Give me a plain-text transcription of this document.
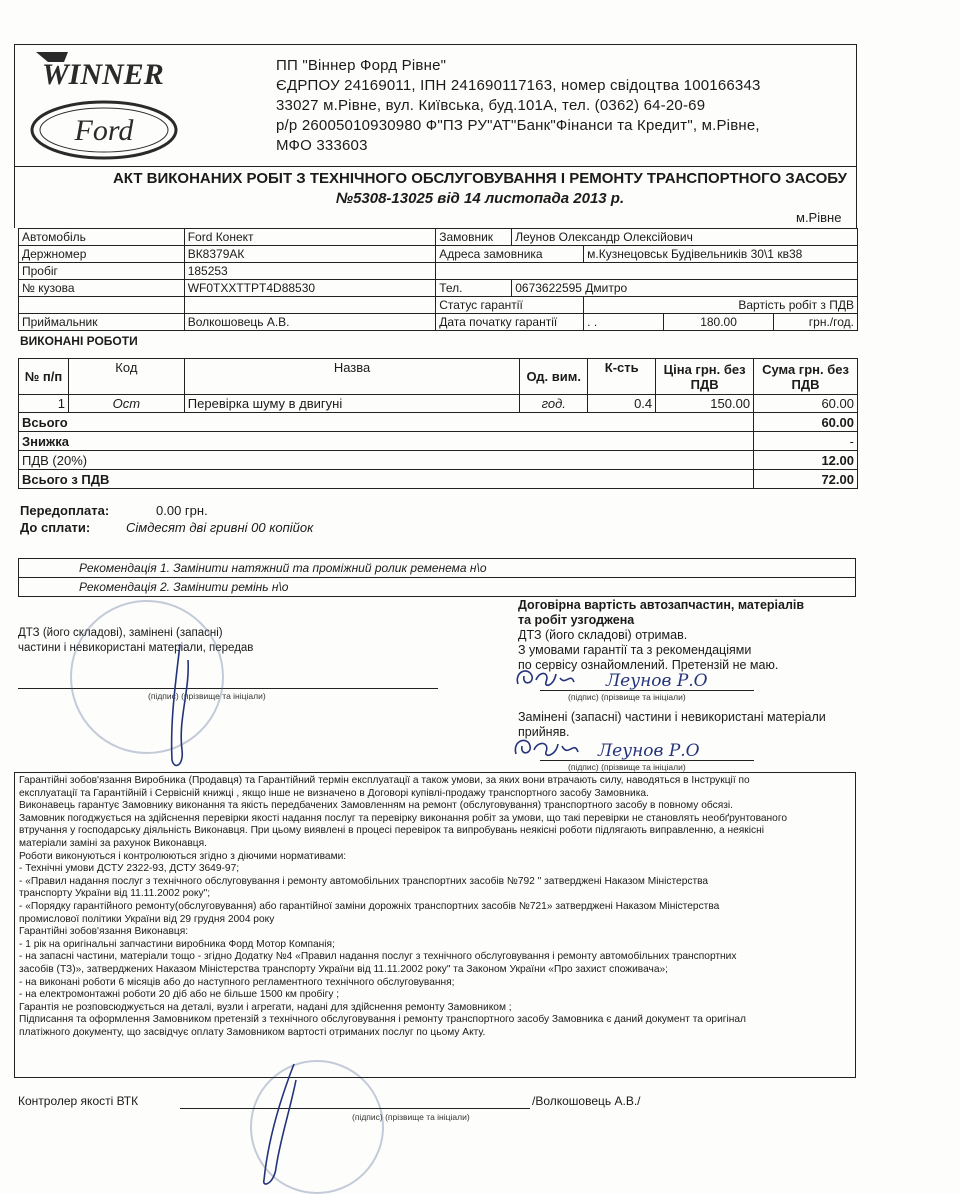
WINNER
Ford
ПП "Віннер Форд Рівне"
ЄДРПОУ 24169011, ІПН 241690117163, номер свідоцтва 100166343
33027 м.Рівне, вул. Київська, буд.101А, тел. (0362) 64-20-69
р/р 26005010930980 Ф"ПЗ РУ"АТ"Банк"Фінанси та Кредит", м.Рівне,
МФО 333603
АКТ ВИКОНАНИХ РОБІТ З ТЕХНІЧНОГО ОБСЛУГОВУВАННЯ І РЕМОНТУ ТРАНСПОРТНОГО ЗАСОБУ
№5308-13025 від 14 листопада 2013 р.
м.Рівне
Автомобіль	Ford Конект	Замовник	Леунов Олександр Олексійович			
Держномер	ВК8379АК	Адреса замовника		м.Кузнецовськ Будівельників 30\1 кв38		
Пробіг	185253					
№ кузова	WF0TXXTTPT4D88530	Тел.	0673622595 Дмитро			
		Статус гарантії		Вартість робіт з ПДВ		
Приймальник	Волкошовець А.В.	Дата початку гарантії		. .	180.00	грн./год.
ВИКОНАНІ РОБОТИ
№ п/п	Код	Назва	Од. вим.	К-сть	Ціна грн. без ПДВ	Сума грн. без ПДВ
1	Ост	Перевірка шуму в двигуні	год.	0.4	150.00	60.00
Всього						60.00
Знижка						-
ПДВ (20%)						12.00
Всього з ПДВ						72.00
Передоплата:	0.00 грн.
До сплати:	Сімдесят дві гривні 00 копійок
Рекомендація 1. Замінити натяжний та проміжний ролик ременема н\о
Рекомендація 2. Замінити ремінь н\о
Договірна вартість автозапчастин, матеріалів
та робіт узгоджена
ДТЗ (його складові) отримав.
З умовами гарантії та з рекомендаціями
по сервісу ознайомлений. Претензій не маю.
(підпис) (прізвище та ініціали)
Замінені (запасні) частини і невикористані матеріали
прийняв.
(підпис) (прізвище та ініціали)
Леунов Р.О
Леунов Р.О
ДТЗ (його складові), замінені (запасні)
частини і невикористані матеріали, передав
(підпис) (прізвище та ініціали)
Гарантійні зобов'язання Виробника (Продавця) та Гарантійний термін експлуатації а також умови, за яких вони втрачають силу, наводяться в Інструкції по
експлуатації та Гарантійній і Сервісній книжці , якщо інше не визначено в Договорі купівлі-продажу транспортного засобу Замовника.
Виконавець гарантує Замовнику виконання та якість передбачених Замовленням на ремонт (обслуговування) транспортного засобу в повному обсязі.
Замовник погоджується на здійснення перевірки якості надання послуг та перевірку виконання робіт за умови, що такі перевірки не становлять необґрунтованого
втручання у господарську діяльність Виконавця. При цьому виявлені в процесі перевірок та випробувань неякісні роботи підлягають виправленню, а неякісні
матеріали заміні за рахунок Виконавця.
Роботи виконуються і контролюються згідно з діючими нормативами:
- Технічні умови ДСТУ 2322-93, ДСТУ 3649-97;
- «Правил надання послуг з технічного обслуговування і ремонту автомобільних транспортних засобів №792 " затверджені Наказом Міністерства
транспорту України від 11.11.2002 року";
- «Порядку гарантійного ремонту(обслуговування) або гарантійної заміни дорожніх транспортних засобів №721» затверджені Наказом Міністерства
промислової політики України від 29 грудня 2004 року
Гарантійні зобов'язання Виконавця:
- 1 рік на оригінальні запчастини виробника Форд Мотор Компанія;
- на запасні частини, матеріали тощо - згідно Додатку №4 «Правил надання послуг з технічного обслуговування і ремонту автомобільних транспортних
засобів (ТЗ)», затверджених Наказом Міністерства транспорту України від 11.11.2002 року" та Законом України «Про захист споживача»;
- на виконані роботи 6 місяців або до наступного регламентного технічного обслуговування;
- на електромонтажні роботи 20 діб або не більше 1500 км пробігу ;
Гарантія не розповсюджується на деталі, вузли і агрегати, надані для здійснення ремонту Замовником ;
Підписання та оформлення Замовником претензій з технічного обслуговування і ремонту транспортного засобу Замовника є даний документ та оригінал
платіжного документу, що засвідчує оплату Замовником вартості отриманих послуг по цьому Акту.
Контролер якості ВТК	/Волкошовець А.В./
(підпис) (прізвище та ініціали)
